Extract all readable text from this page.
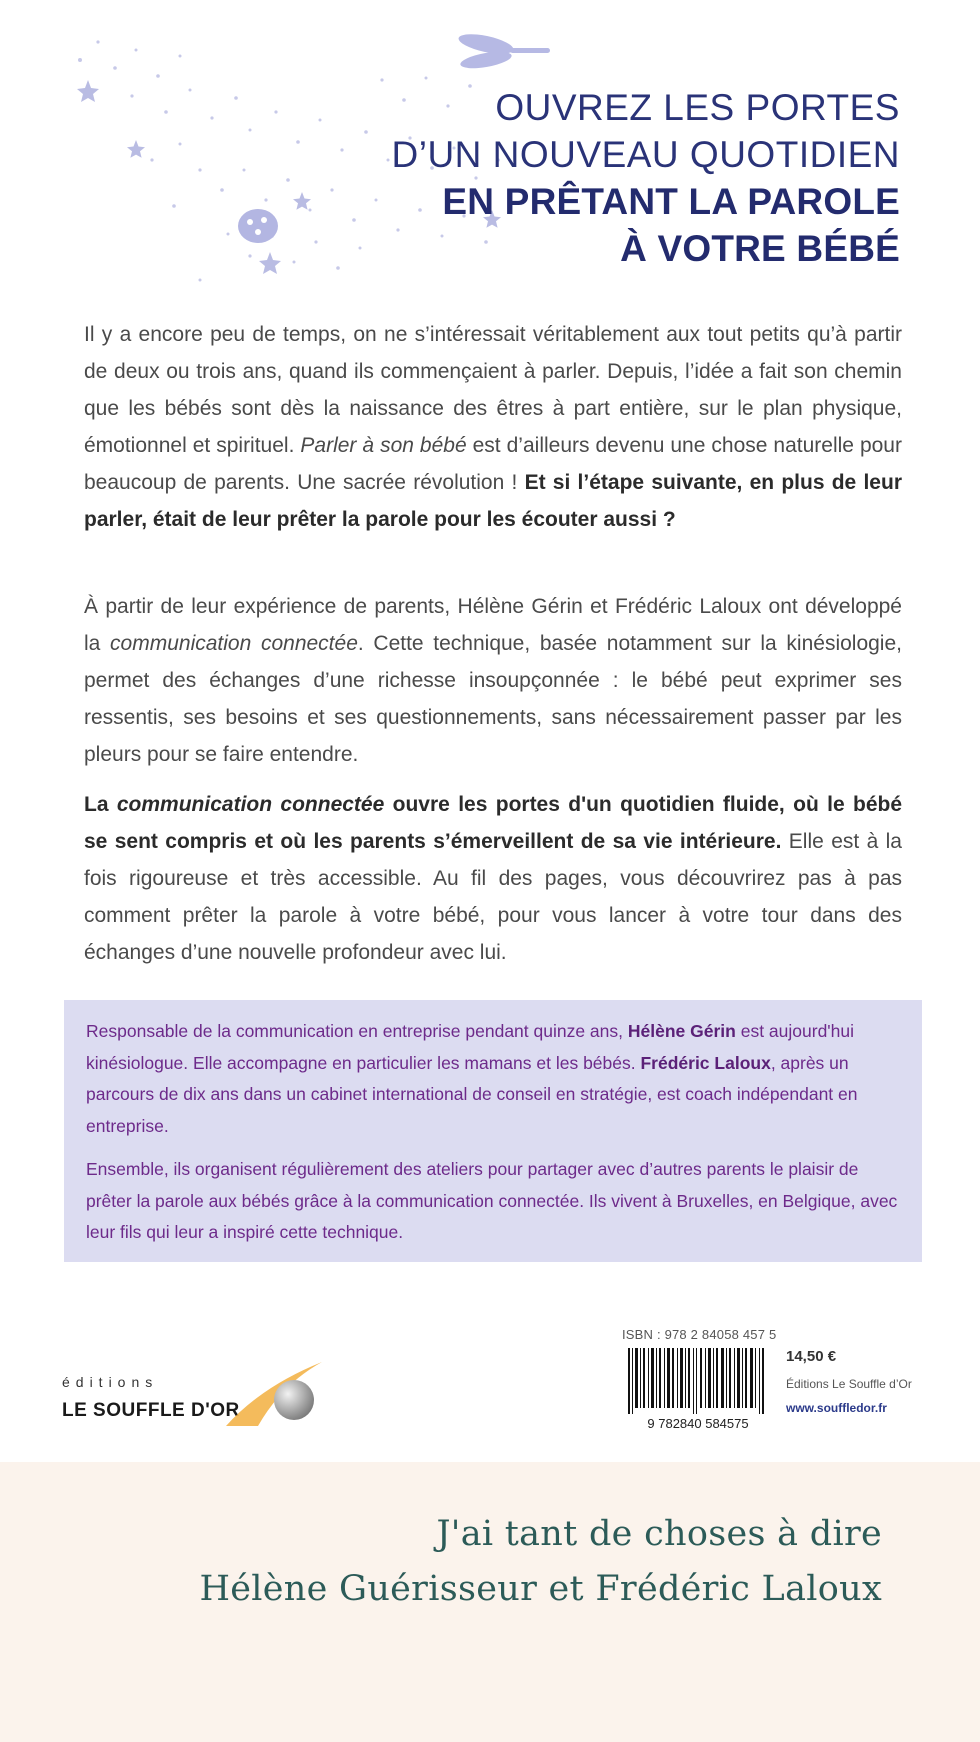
OUVREZ LES PORTES
D’UN NOUVEAU QUOTIDIEN
EN PRÊTANT LA PAROLE
À VOTRE BÉBÉ

Il y a encore peu de temps, on ne s’intéressait véritablement aux tout petits qu’à partir de deux ou trois ans, quand ils commençaient à parler. Depuis, l’idée a fait son chemin que les bébés sont dès la naissance des êtres à part entière, sur le plan physique, émotionnel et spirituel. Parler à son bébé est d’ailleurs devenu une chose naturelle pour beaucoup de parents. Une sacrée révolution ! Et si l’étape suivante, en plus de leur parler, était de leur prêter la parole pour les écouter aussi ?

À partir de leur expérience de parents, Hélène Gérin et Frédéric Laloux ont développé la communication connectée. Cette technique, basée notamment sur la kinésiologie, permet des échanges d’une richesse insoupçonnée : le bébé peut exprimer ses ressentis, ses besoins et ses questionnements, sans nécessairement passer par les pleurs pour se faire entendre.

La communication connectée ouvre les portes d'un quotidien fluide, où le bébé se sent compris et où les parents s’émerveillent de sa vie intérieure. Elle est à la fois rigoureuse et très accessible. Au fil des pages, vous découvrirez pas à pas comment prêter la parole à votre bébé, pour vous lancer à votre tour dans des échanges d’une nouvelle profondeur avec lui.

Responsable de la communication en entreprise pendant quinze ans, Hélène Gérin est aujourd'hui kinésiologue. Elle accompagne en particulier les mamans et les bébés. Frédéric Laloux, après un parcours de dix ans dans un cabinet international de conseil en stratégie, est coach indépendant en entreprise.

Ensemble, ils organisent régulièrement des ateliers pour partager avec d’autres parents le plaisir de prêter la parole aux bébés grâce à la communication connectée. Ils vivent à Bruxelles, en Belgique, avec leur fils qui leur a inspiré cette technique.

éditions
LE SOUFFLE D'OR
ISBN : 978 2 84058 457 5
9 782840 584575
14,50 €
Éditions Le Souffle d’Or
www.souffledor.fr
J'ai tant de choses à dire
Hélène Guérisseur et Frédéric Laloux
